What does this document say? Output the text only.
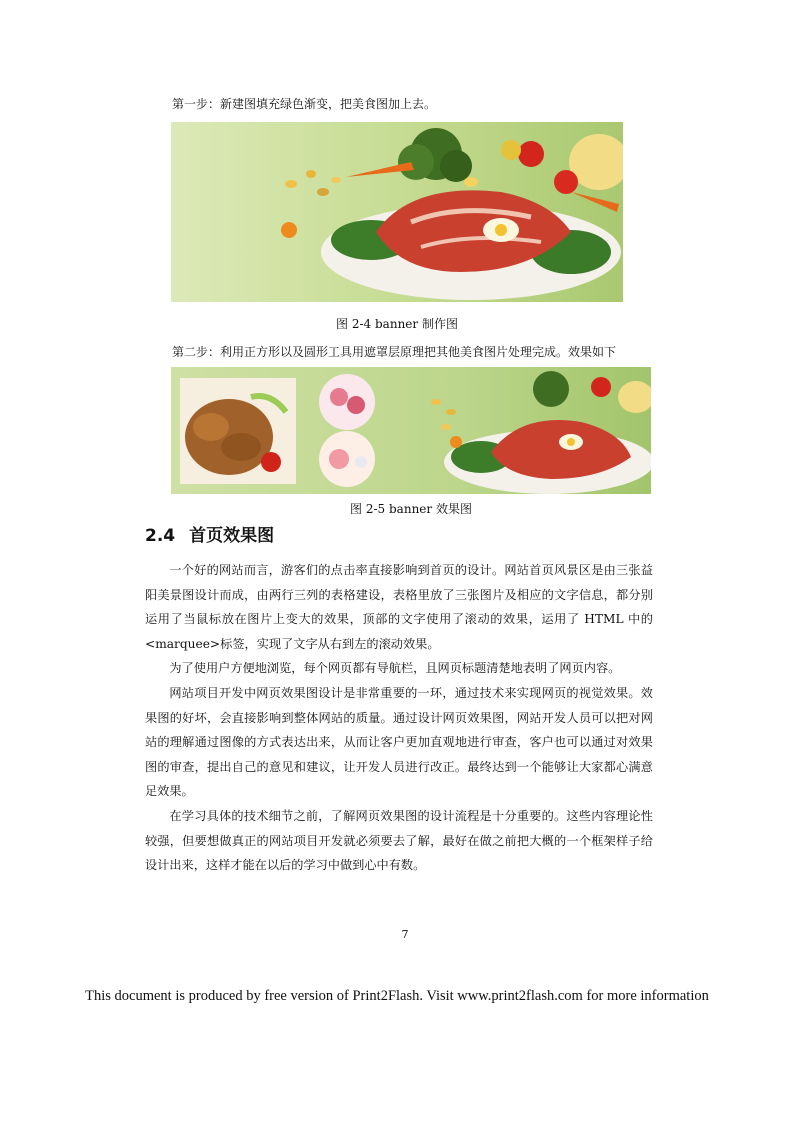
第一步：新建图填充绿色渐变，把美食图加上去。
图 2-4 banner 制作图
第二步：利用正方形以及圆形工具用遮罩层原理把其他美食图片处理完成。效果如下
图 2-5 banner 效果图
2.4 首页效果图

一个好的网站而言，游客们的点击率直接影响到首页的设计。网站首页风景区是由三张益阳美景图设计而成，由两行三列的表格建设，表格里放了三张图片及相应的文字信息，都分别运用了当鼠标放在图片上变大的效果，顶部的文字使用了滚动的效果，运用了 HTML 中的<marquee>标签，实现了文字从右到左的滚动效果。

为了使用户方便地浏览，每个网页都有导航栏，且网页标题清楚地表明了网页内容。

网站项目开发中网页效果图设计是非常重要的一环，通过技术来实现网页的视觉效果。效果图的好坏，会直接影响到整体网站的质量。通过设计网页效果图，网站开发人员可以把对网站的理解通过图像的方式表达出来，从而让客户更加直观地进行审查，客户也可以通过对效果图的审查，提出自己的意见和建议，让开发人员进行改正。最终达到一个能够让大家都心满意足效果。

在学习具体的技术细节之前，了解网页效果图的设计流程是十分重要的。这些内容理论性较强，但要想做真正的网站项目开发就必须要去了解，最好在做之前把大概的一个框架样子给设计出来，这样才能在以后的学习中做到心中有数。

7
This document is produced by free version of Print2Flash. Visit www.print2flash.com for more information
